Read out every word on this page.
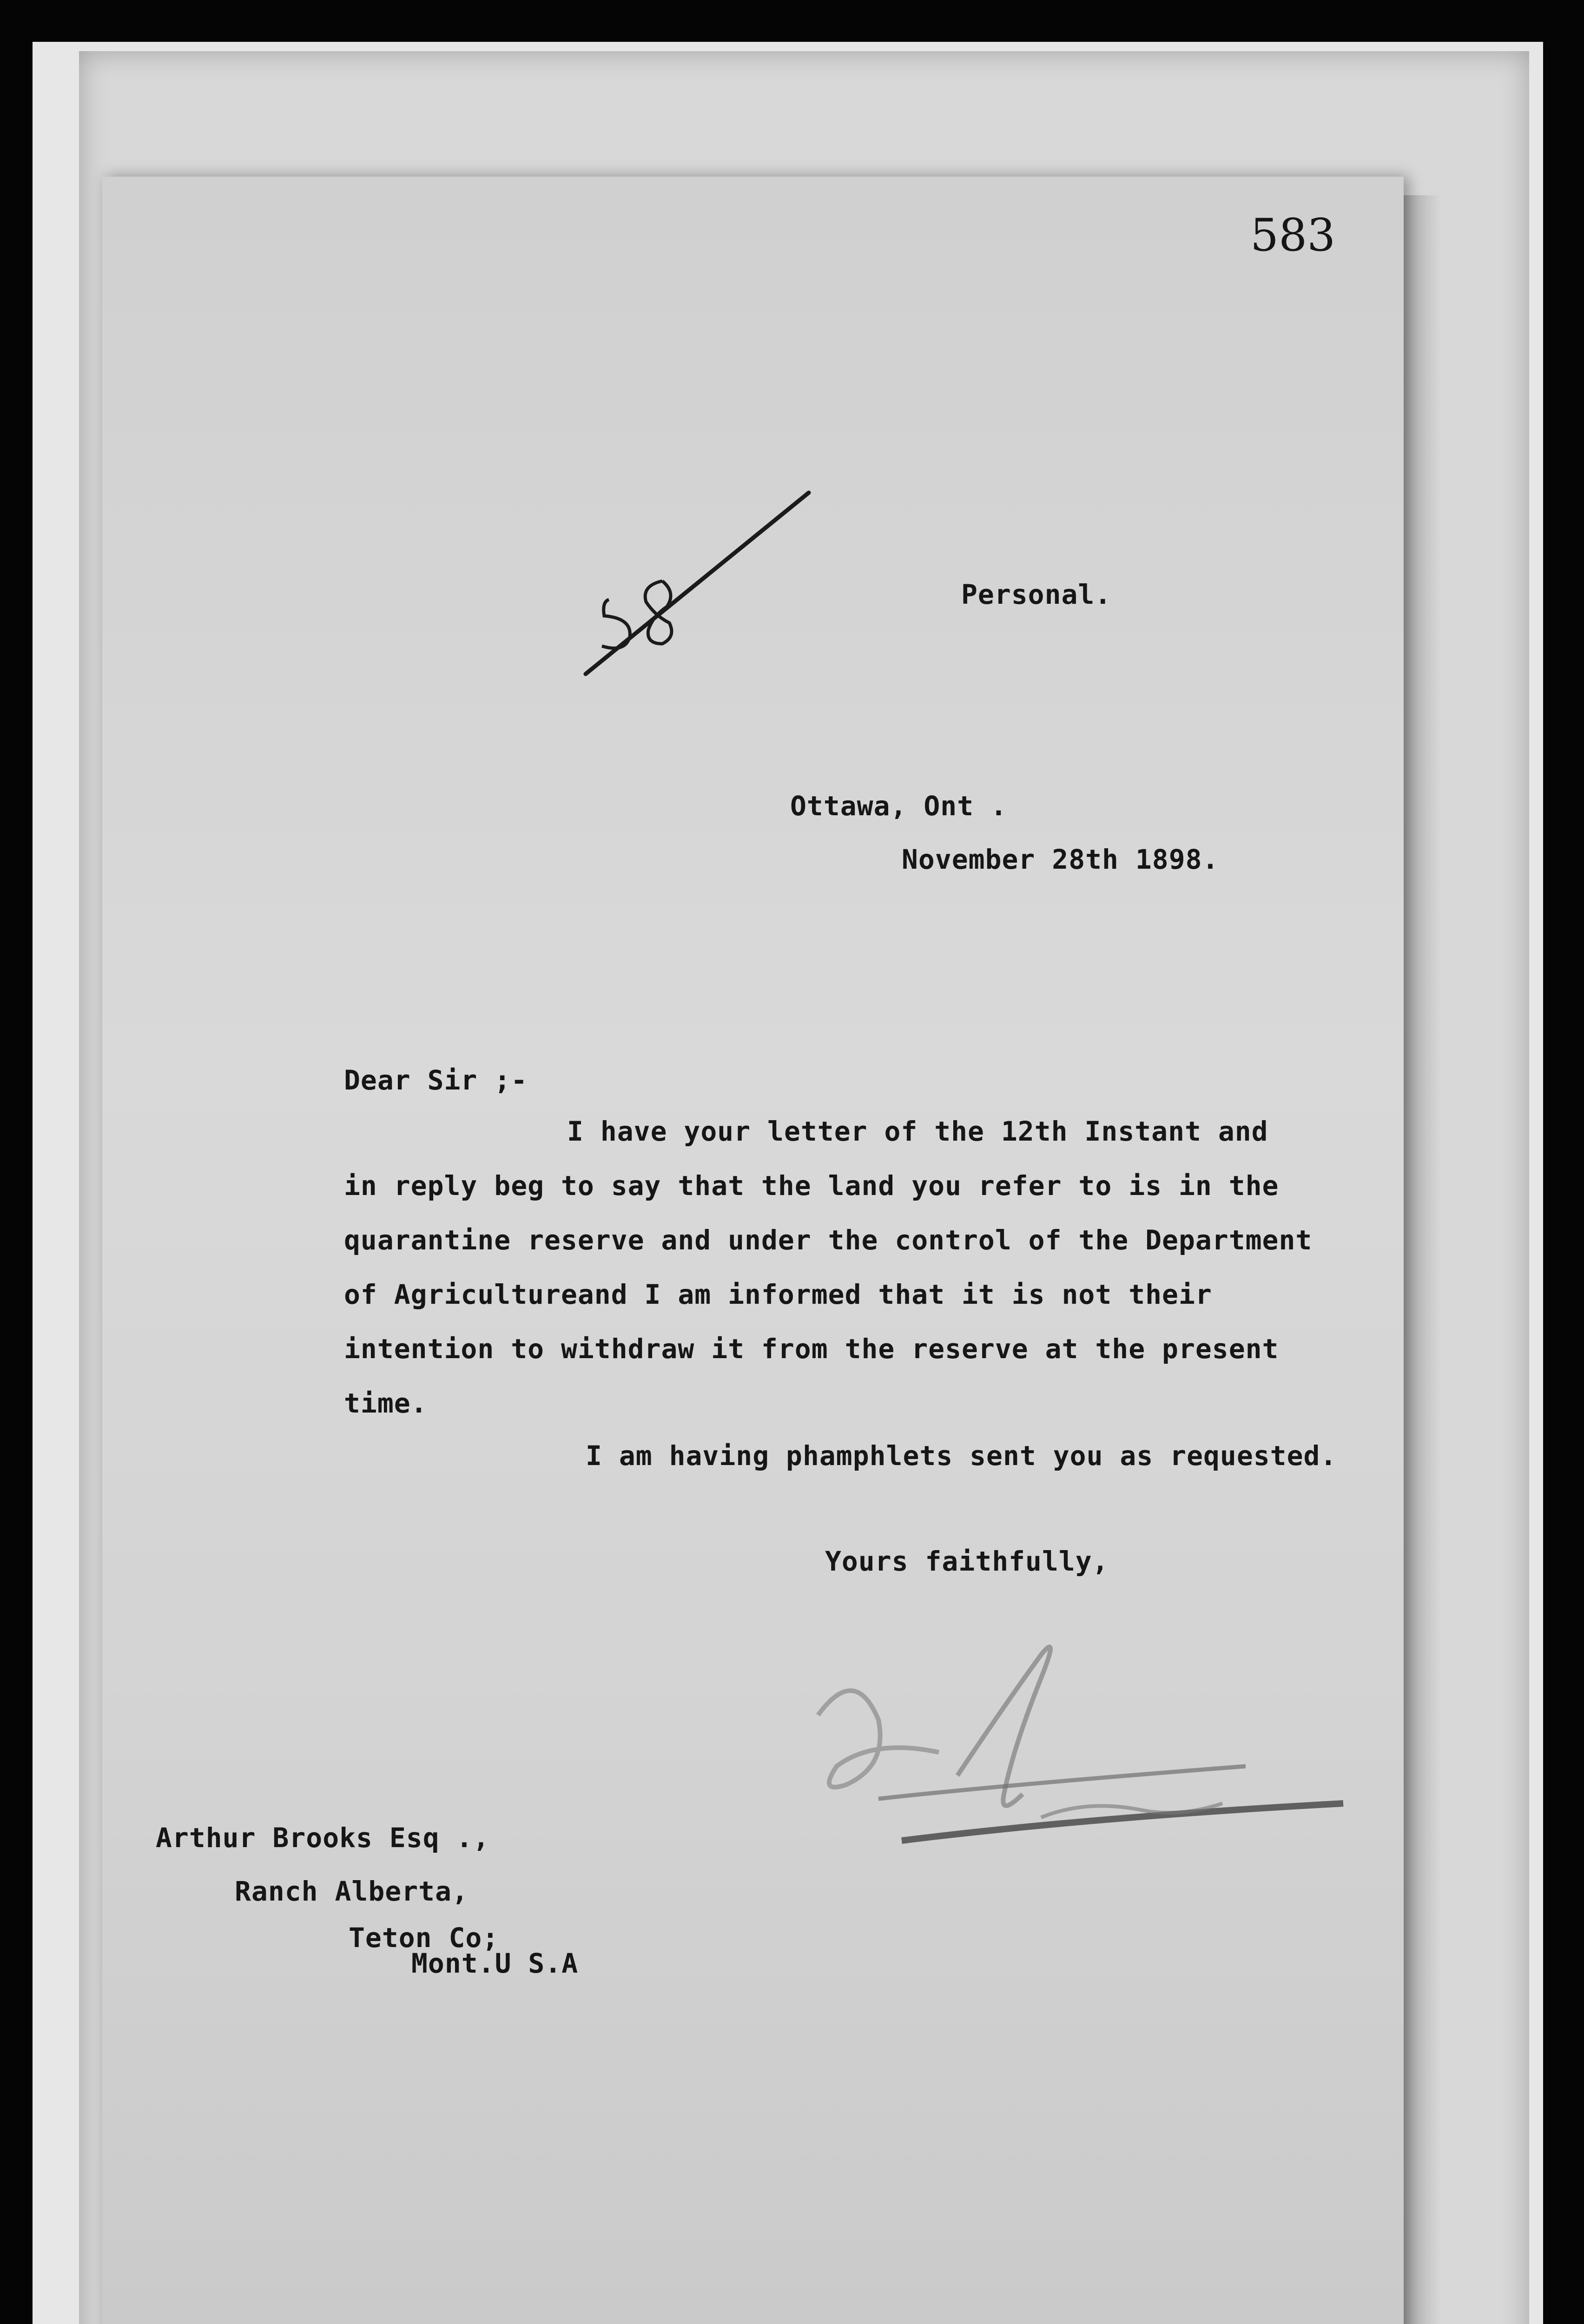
583
58
Personal.
Ottawa, Ont .
November 28th 1898.
Dear Sir ;-
I have your letter of the 12th Instant and
in reply beg to say that the land you refer to is in the
quarantine reserve and under the control of the Department
of Agricultureand I am informed that it is not their
intention to withdraw it from the reserve at the present
time.
I am having phamphlets sent you as requested.
Yours faithfully,
Arthur Brooks Esq .,
Ranch Alberta,
Teton Co;
Mont.U S.A
